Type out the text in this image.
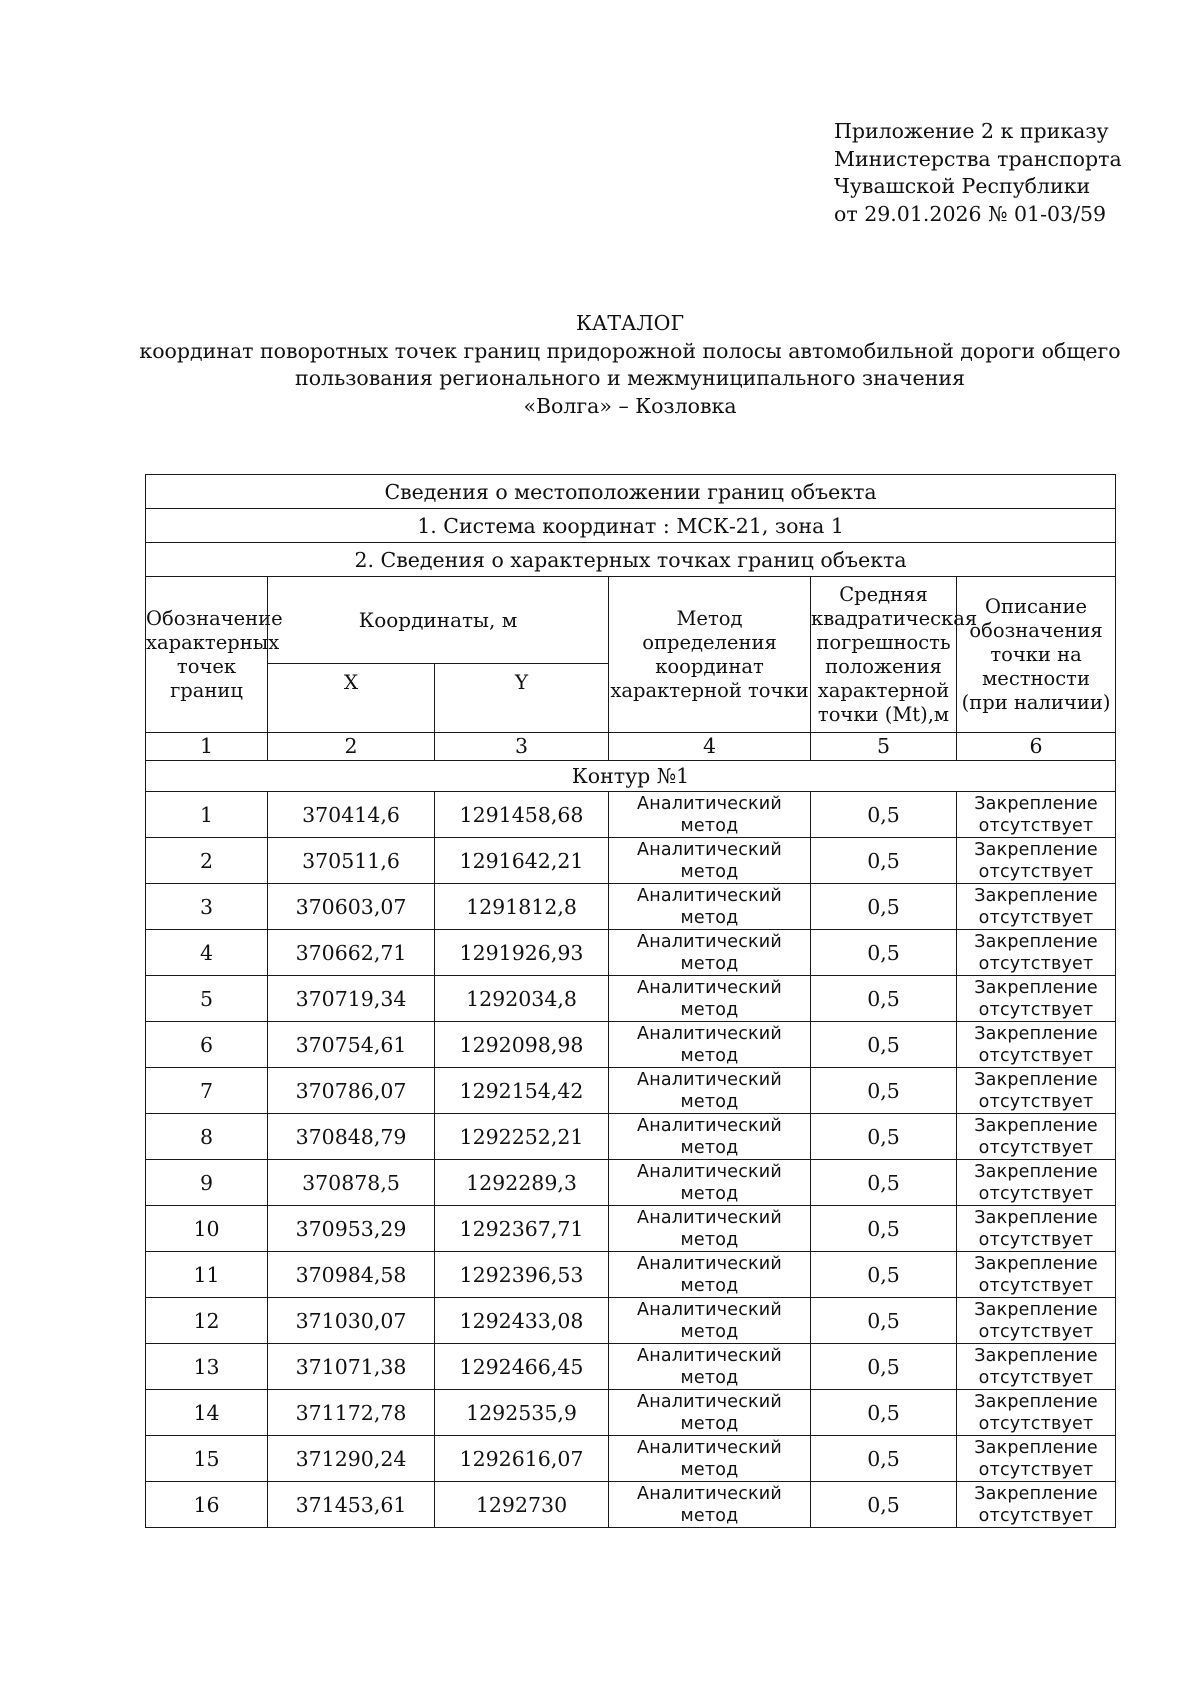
Приложение 2 к приказу
Министерства транспорта
Чувашской Республики
от 29.01.2026 № 01-03/59
КАТАЛОГ
координат поворотных точек границ придорожной полосы автомобильной дороги общего
пользования регионального и межмуниципального значения
«Волга» – Козловка
Сведения о местоположении границ объекта					
1. Система координат : МСК-21, зона 1					
2. Сведения о характерных точках границ объекта					
Обозначение характерных точек границ	Координаты, м		Метод определения координат характерной точки	Средняя квадратическая погрешность положения характерной точки (Mt),м	Описание обозначения точки на местности (при наличии)
	X	Y			
1	2	3	4	5	6
Контур №1					
1	370414,6	1291458,68	Аналитический метод	0,5	Закрепление отсутствует
2	370511,6	1291642,21	Аналитический метод	0,5	Закрепление отсутствует
3	370603,07	1291812,8	Аналитический метод	0,5	Закрепление отсутствует
4	370662,71	1291926,93	Аналитический метод	0,5	Закрепление отсутствует
5	370719,34	1292034,8	Аналитический метод	0,5	Закрепление отсутствует
6	370754,61	1292098,98	Аналитический метод	0,5	Закрепление отсутствует
7	370786,07	1292154,42	Аналитический метод	0,5	Закрепление отсутствует
8	370848,79	1292252,21	Аналитический метод	0,5	Закрепление отсутствует
9	370878,5	1292289,3	Аналитический метод	0,5	Закрепление отсутствует
10	370953,29	1292367,71	Аналитический метод	0,5	Закрепление отсутствует
11	370984,58	1292396,53	Аналитический метод	0,5	Закрепление отсутствует
12	371030,07	1292433,08	Аналитический метод	0,5	Закрепление отсутствует
13	371071,38	1292466,45	Аналитический метод	0,5	Закрепление отсутствует
14	371172,78	1292535,9	Аналитический метод	0,5	Закрепление отсутствует
15	371290,24	1292616,07	Аналитический метод	0,5	Закрепление отсутствует
16	371453,61	1292730	Аналитический метод	0,5	Закрепление отсутствует
